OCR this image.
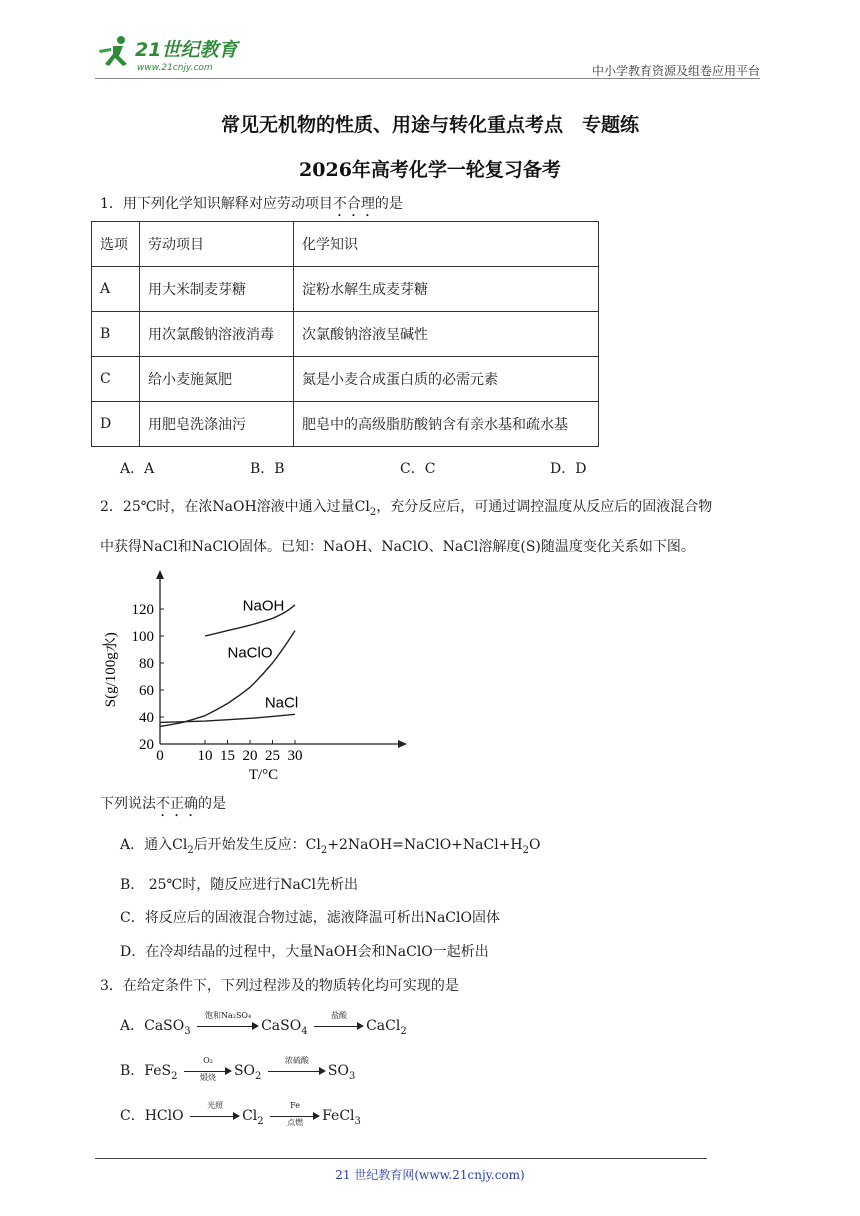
21世纪教育
www.21cnjy.com	中小学教育资源及组卷应用平台
常见无机物的性质、用途与转化重点考点　专题练
2026年高考化学一轮复习备考
1．用下列化学知识解释对应劳动项目不合理的是
选项	劳动项目	化学知识
A	用大米制麦芽糖	淀粉水解生成麦芽糖
B	用次氯酸钠溶液消毒	次氯酸钠溶液呈碱性
C	给小麦施氮肥	氮是小麦合成蛋白质的必需元素
D	用肥皂洗涤油污	肥皂中的高级脂肪酸钠含有亲水基和疏水基
A．A	B．B	C．C	D．D
2．25℃时，在浓NaOH溶液中通入过量$Cl_2$，充分反应后，可通过调控温度从反应后的固液混合物
中获得NaCl和NaClO固体。已知：NaOH、NaClO、NaCl溶解度(S)随温度变化关系如下图。
0 10 15 20 25 30
20
40
60
80
100
120	NaOH
NaClO
NaCl
T/°C
S(g/100g水)
下列说法不正确的是
A．通入$Cl_2$后开始发生反应：$Cl_2+2NaOH=NaClO+NaCl+H_2O$
B． 25℃时，随反应进行NaCl先析出
C．将反应后的固液混合物过滤，滤液降温可析出NaClO固体
D．在冷却结晶的过程中，大量NaOH会和NaClO一起析出
3．在给定条件下，下列过程涉及的物质转化均可实现的是
A．CaSO$_3$
饱和Na₂SO₄
CaSO$_4$
盐酸
CaCl$_2$
B．FeS$_2$
O₂
煅烧	$SO_2$
浓硫酸
$SO_3$
C．HClO
光照
$Cl_2$
Fe
点燃	FeCl$_3$
21 世纪教育网(www.21cnjy.com)
